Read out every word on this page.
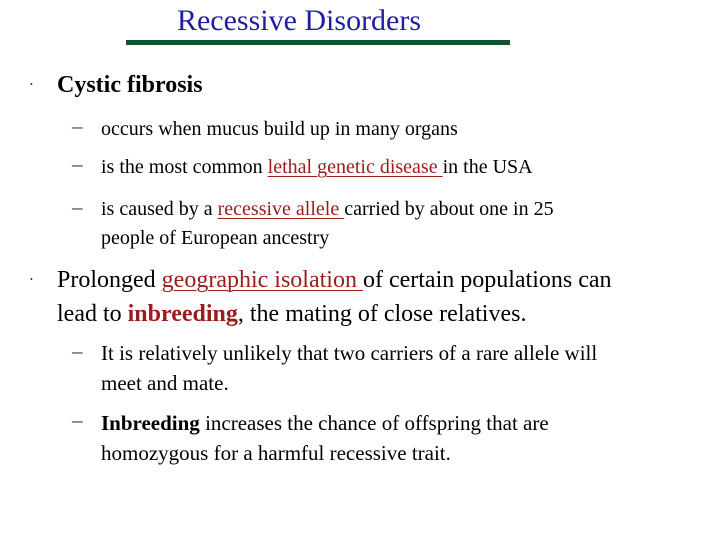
Recessive Disorders
• Cystic fibrosis
– occurs when mucus build up in many organs
– is the most common lethal genetic disease in the USA
– is caused by a recessive allele carried by about one in 25
people of European ancestry
• Prolonged geographic isolation of certain populations can
lead to inbreeding, the mating of close relatives.
– It is relatively unlikely that two carriers of a rare allele will
meet and mate.
– Inbreeding increases the chance of offspring that are
homozygous for a harmful recessive trait.
